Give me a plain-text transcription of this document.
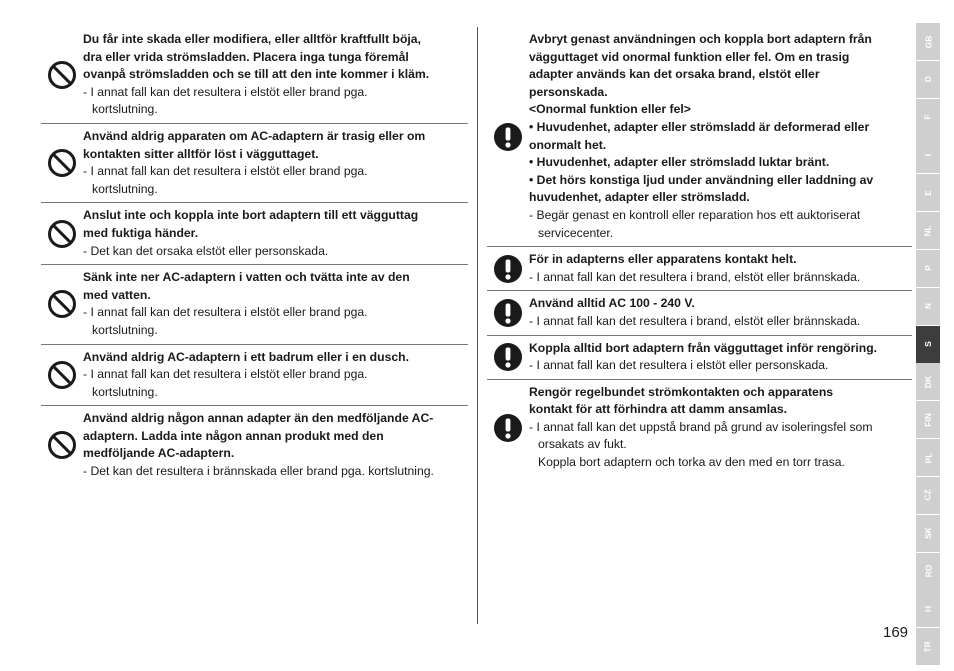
Du får inte skada eller modifiera, eller alltför kraftfullt böja,
dra eller vrida strömsladden. Placera inga tunga föremål
ovanpå strömsladden och se till att den inte kommer i kläm.
- I annat fall kan det resultera i elstöt eller brand pga.
kortslutning.
Använd aldrig apparaten om AC-adaptern är trasig eller om
kontakten sitter alltför löst i vägguttaget.
- I annat fall kan det resultera i elstöt eller brand pga.
kortslutning.
Anslut inte och koppla inte bort adaptern till ett vägguttag
med fuktiga händer.
- Det kan det orsaka elstöt eller personskada.
Sänk inte ner AC-adaptern i vatten och tvätta inte av den
med vatten.
- I annat fall kan det resultera i elstöt eller brand pga.
kortslutning.
Använd aldrig AC-adaptern i ett badrum eller i en dusch.
- I annat fall kan det resultera i elstöt eller brand pga.
kortslutning.
Använd aldrig någon annan adapter än den medföljande AC-
adaptern. Ladda inte någon annan produkt med den
medföljande AC-adaptern.
- Det kan det resultera i brännskada eller brand pga. kortslutning.
Avbryt genast användningen och koppla bort adaptern från
vägguttaget vid onormal funktion eller fel. Om en trasig
adapter används kan det orsaka brand, elstöt eller
personskada.
<Onormal funktion eller fel>
• Huvudenhet, adapter eller strömsladd är deformerad eller
onormalt het.
• Huvudenhet, adapter eller strömsladd luktar bränt.
• Det hörs konstiga ljud under användning eller laddning av
huvudenhet, adapter eller strömsladd.
- Begär genast en kontroll eller reparation hos ett auktoriserat
servicecenter.
För in adapterns eller apparatens kontakt helt.
- I annat fall kan det resultera i brand, elstöt eller brännskada.
Använd alltid AC 100 - 240 V.
- I annat fall kan det resultera i brand, elstöt eller brännskada.
Koppla alltid bort adaptern från vägguttaget inför rengöring.
- I annat fall kan det resultera i elstöt eller personskada.
Rengör regelbundet strömkontakten och apparatens
kontakt för att förhindra att damm ansamlas.
- I annat fall kan det uppstå brand på grund av isoleringsfel som
orsakats av fukt.
Koppla bort adaptern och torka av den med en torr trasa.
GB
D
F
I
E
NL
P
N
S
DK
FIN
PL
CZ
SK
RO
H
TR
169
